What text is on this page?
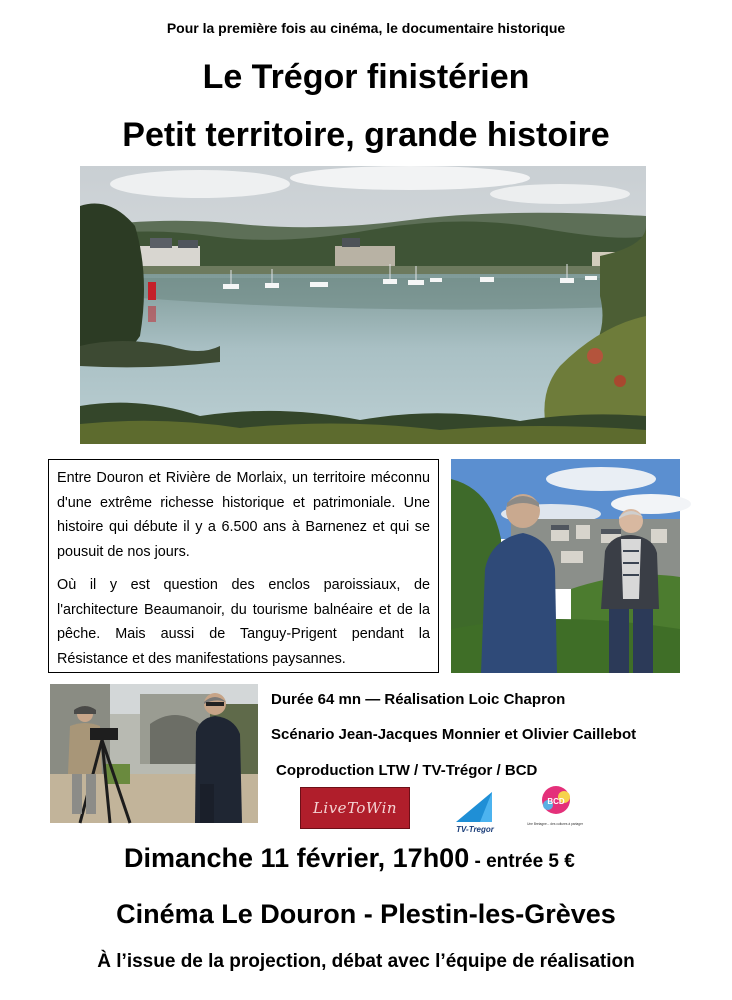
Pour la première fois au cinéma, le documentaire historique
Le Trégor finistérien
Petit territoire, grande histoire

Entre Douron et Rivière de Morlaix, un territoire méconnu d'une extrême richesse historique et patrimoniale. Une histoire qui débute il y a 6.500 ans à Barnenez et qui se pousuit de nos jours.

Où il y est question des enclos paroissiaux, de l'architecture Beaumanoir, du tourisme balnéaire et de la pêche. Mais aussi de Tanguy-Prigent pendant la Résistance et des manifestations paysannes.

Durée 64 mn — Réalisation Loic Chapron
Scénario Jean-Jacques Monnier et Olivier Caillebot
Coproduction LTW / TV-Trégor / BCD
LiveToWin
TV-Tregor
BCD
Une Bretagne... des cultures à partager
Dimanche 11 février, 17h00 - entrée 5 €
Cinéma Le Douron - Plestin-les-Grèves
À l’issue de la projection, débat avec l’équipe de réalisation
